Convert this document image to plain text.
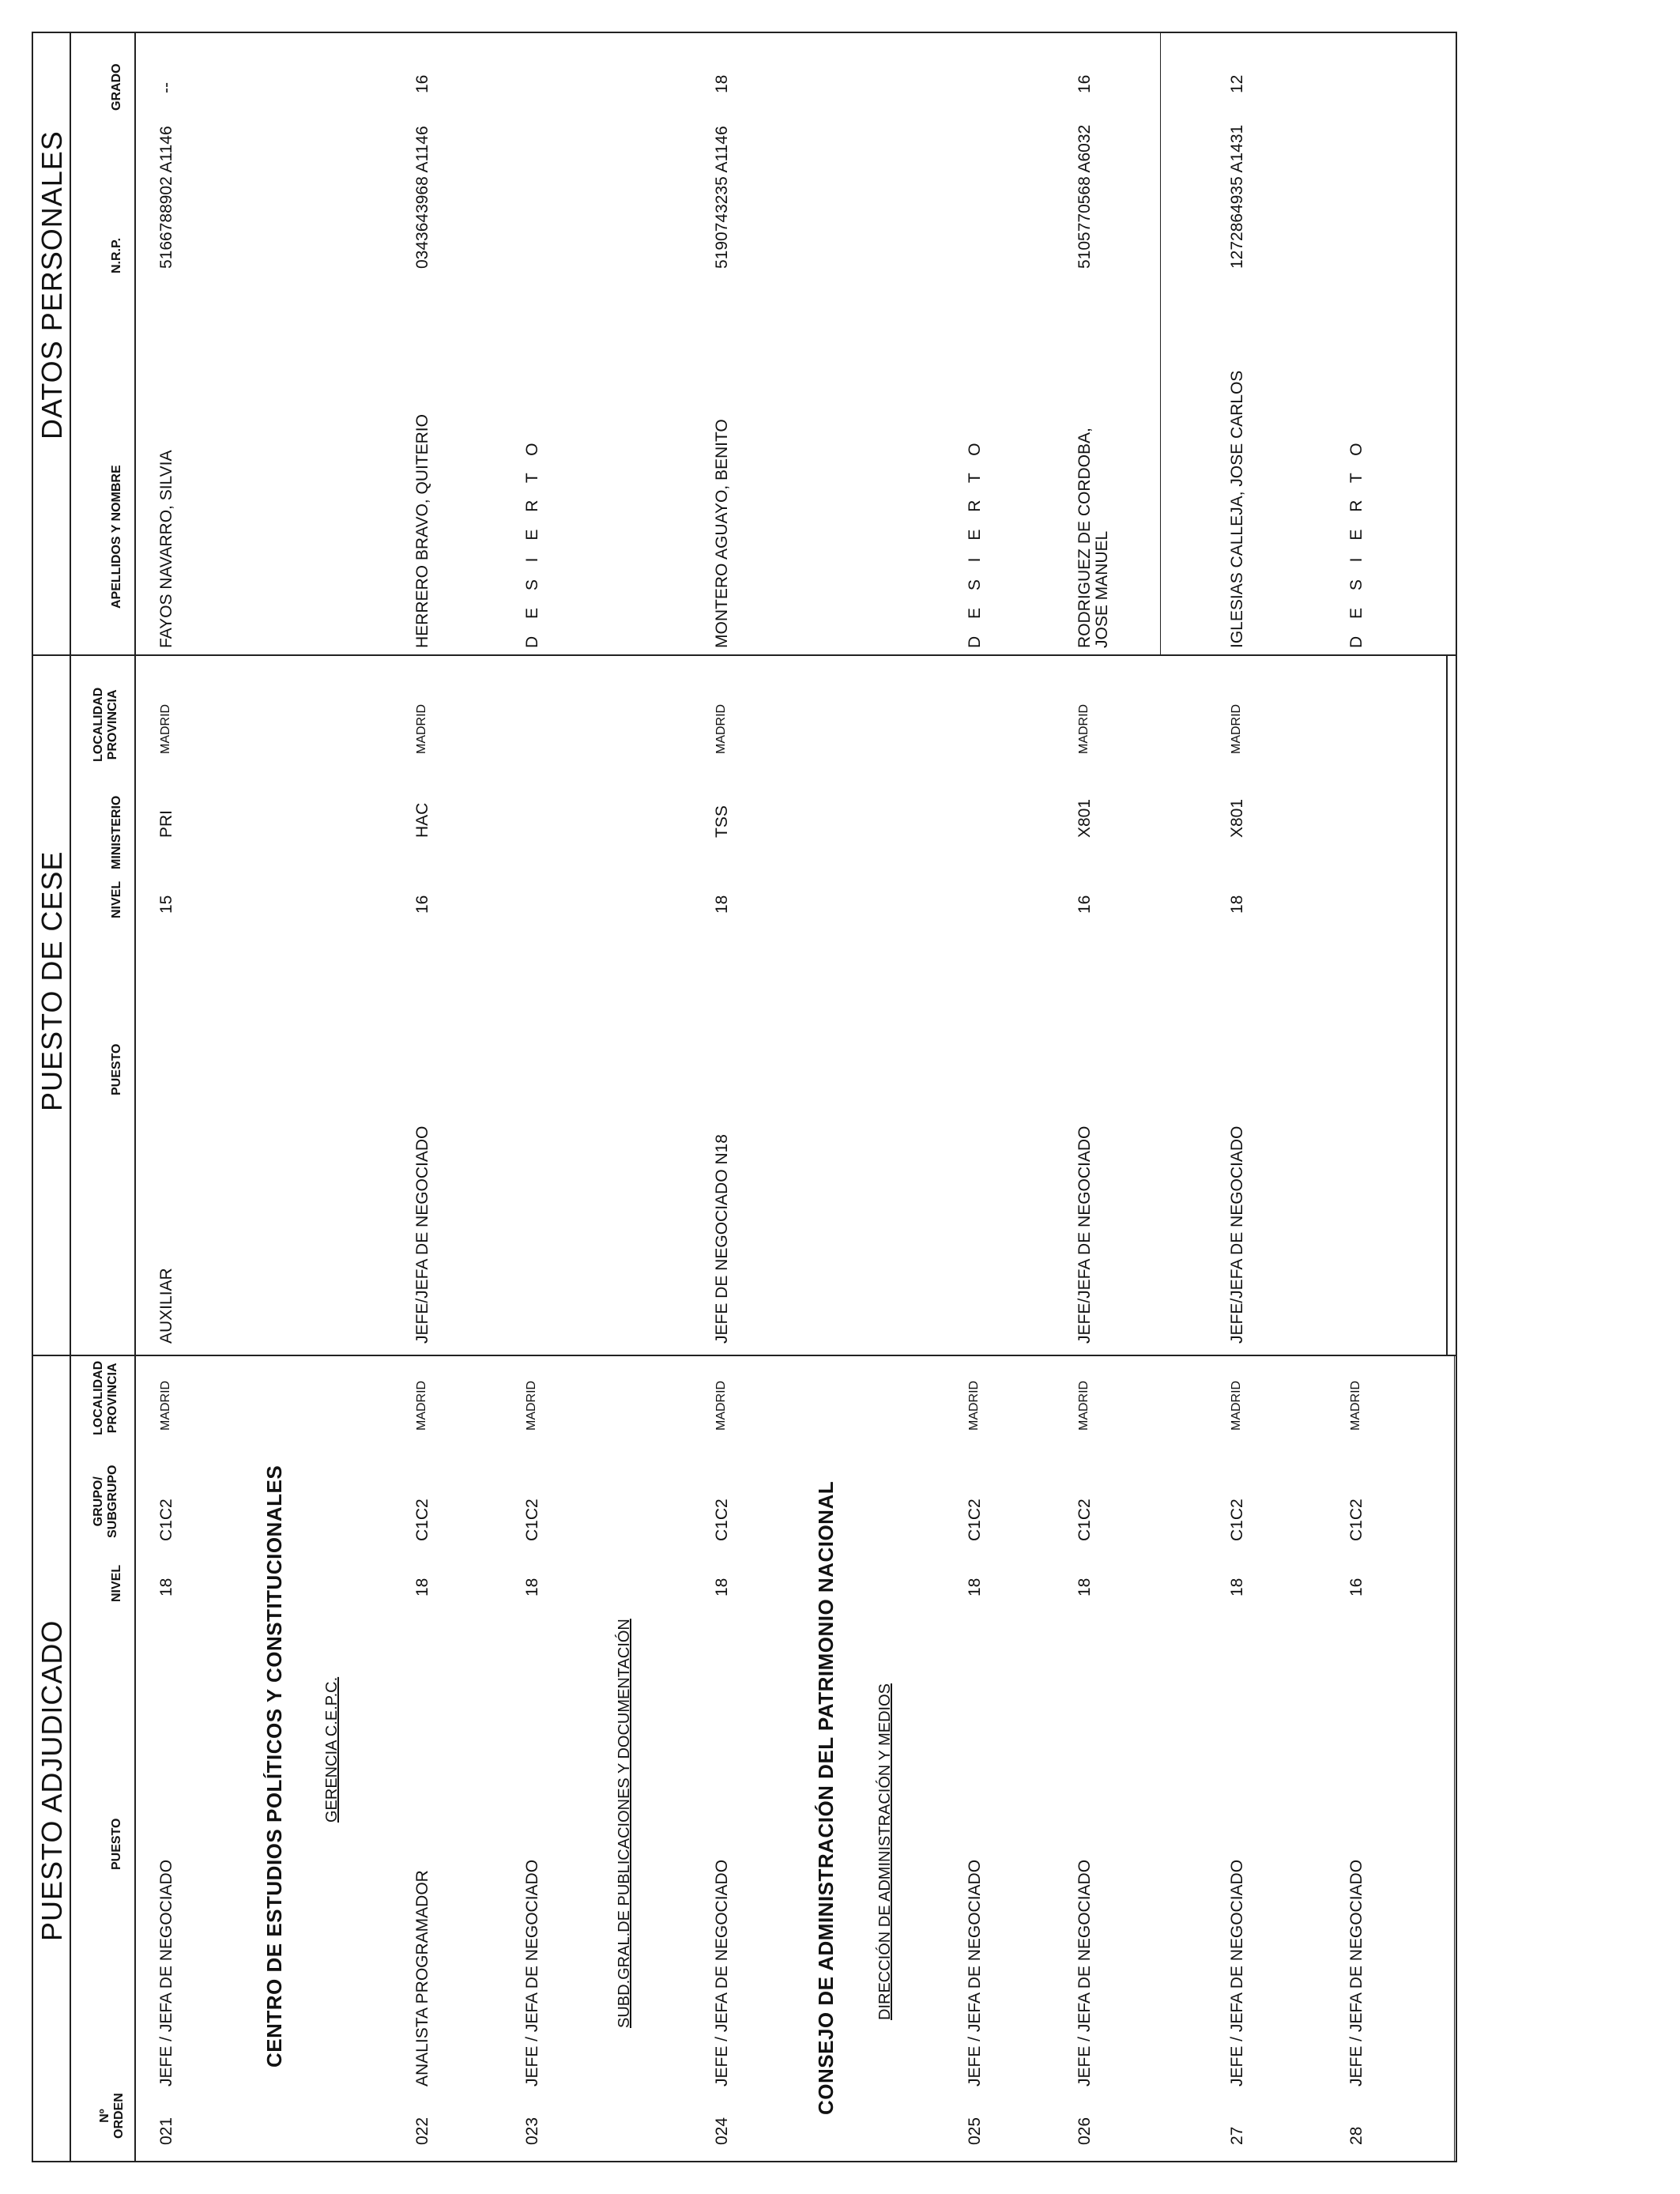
PUESTO ADJUDICADO
PUESTO DE CESE
DATOS PERSONALES
Nº
ORDEN
PUESTO
NIVEL
GRUPO/
SUBGRUPO
LOCALIDAD
PROVINCIA
PUESTO
NIVEL
MINISTERIO
LOCALIDAD
PROVINCIA
APELLIDOS Y NOMBRE
N.R.P.
GRADO
CENTRO DE ESTUDIOS POLÍTICOS Y CONSTITUCIONALES GERENCIA C.E.P.C.	SUBD.GRAL.DE PUBLICACIONES Y DOCUMENTACIÓN	CONSEJO DE ADMINISTRACIÓN DEL PATRIMONIO NACIONAL DIRECCIÓN DE ADMINISTRACIÓN Y MEDIOS
021
JEFE / JEFA DE NEGOCIADO
18
C1C2
MADRID
AUXILIAR
15
PRI
MADRID
FAYOS NAVARRO, SILVIA
5166788902 A1146
--
022
ANALISTA PROGRAMADOR
18
C1C2
MADRID
JEFE/JEFA DE NEGOCIADO
16
HAC
MADRID
HERRERO BRAVO, QUITERIO
0343643968 A1146
16
023
JEFE / JEFA DE NEGOCIADO
18
C1C2
MADRID
D E S I E R T O
024
JEFE / JEFA DE NEGOCIADO
18
C1C2
MADRID
JEFE DE NEGOCIADO N18
18
TSS
MADRID
MONTERO AGUAYO, BENITO
5190743235 A1146
18
025
JEFE / JEFA DE NEGOCIADO
18
C1C2
MADRID
D E S I E R T O
026
JEFE / JEFA DE NEGOCIADO
18
C1C2
MADRID
JEFE/JEFA DE NEGOCIADO
16
X801
MADRID
RODRIGUEZ DE CORDOBA, JOSE MANUEL
5105770568 A6032
16
27
JEFE / JEFA DE NEGOCIADO
18
C1C2
MADRID
JEFE/JEFA DE NEGOCIADO
18
X801
MADRID
IGLESIAS CALLEJA, JOSE CARLOS
1272864935 A1431
12
28
JEFE / JEFA DE NEGOCIADO
16
C1C2
MADRID
D E S I E R T O
